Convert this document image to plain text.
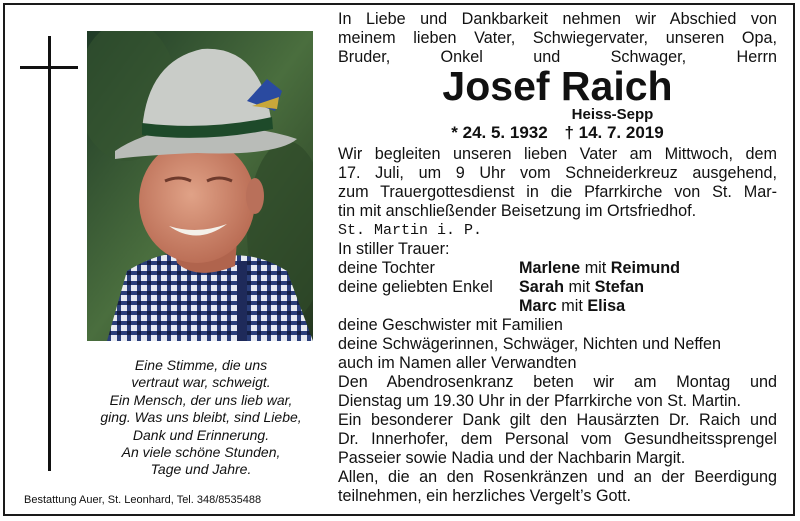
Eine Stimme, die uns
vertraut war, schweigt.
Ein Mensch, der uns lieb war,
ging. Was uns bleibt, sind Liebe,
Dank und Erinnerung.
An viele schöne Stunden,
Tage und Jahre.
Bestattung Auer, St. Leonhard, Tel. 348/8535488
In Liebe und Dankbarkeit nehmen wir Abschied von
meinem lieben Vater, Schwiegervater, unseren Opa,
Bruder, Onkel und Schwager, Herrn
Josef Raich
Heiss-Sepp
* 24. 5. 1932 † 14. 7. 2019
Wir begleiten unseren lieben Vater am Mittwoch, dem
17. Juli, um 9 Uhr vom Schneiderkreuz ausgehend,
zum Trauergottesdienst in die Pfarrkirche von St. Mar-
tin mit anschließender Beisetzung im Ortsfriedhof.
St. Martin i. P.
In stiller Trauer:
deine Tochter	Marlene
mit
Reimund
deine geliebten Enkel	Sarah
mit
Stefan
Marc
mit
Elisa
deine Geschwister mit Familien
deine Schwägerinnen, Schwäger, Nichten und Neffen
auch im Namen aller Verwandten
Den Abendrosenkranz beten wir am Montag und
Dienstag um 19.30 Uhr in der Pfarrkirche von St. Martin.
Ein besonderer Dank gilt den Hausärzten Dr. Raich und
Dr. Innerhofer, dem Personal vom Gesundheitssprengel
Passeier sowie Nadia und der Nachbarin Margit.
Allen, die an den Rosenkränzen und an der Beerdigung
teilnehmen, ein herzliches Vergelt’s Gott.
